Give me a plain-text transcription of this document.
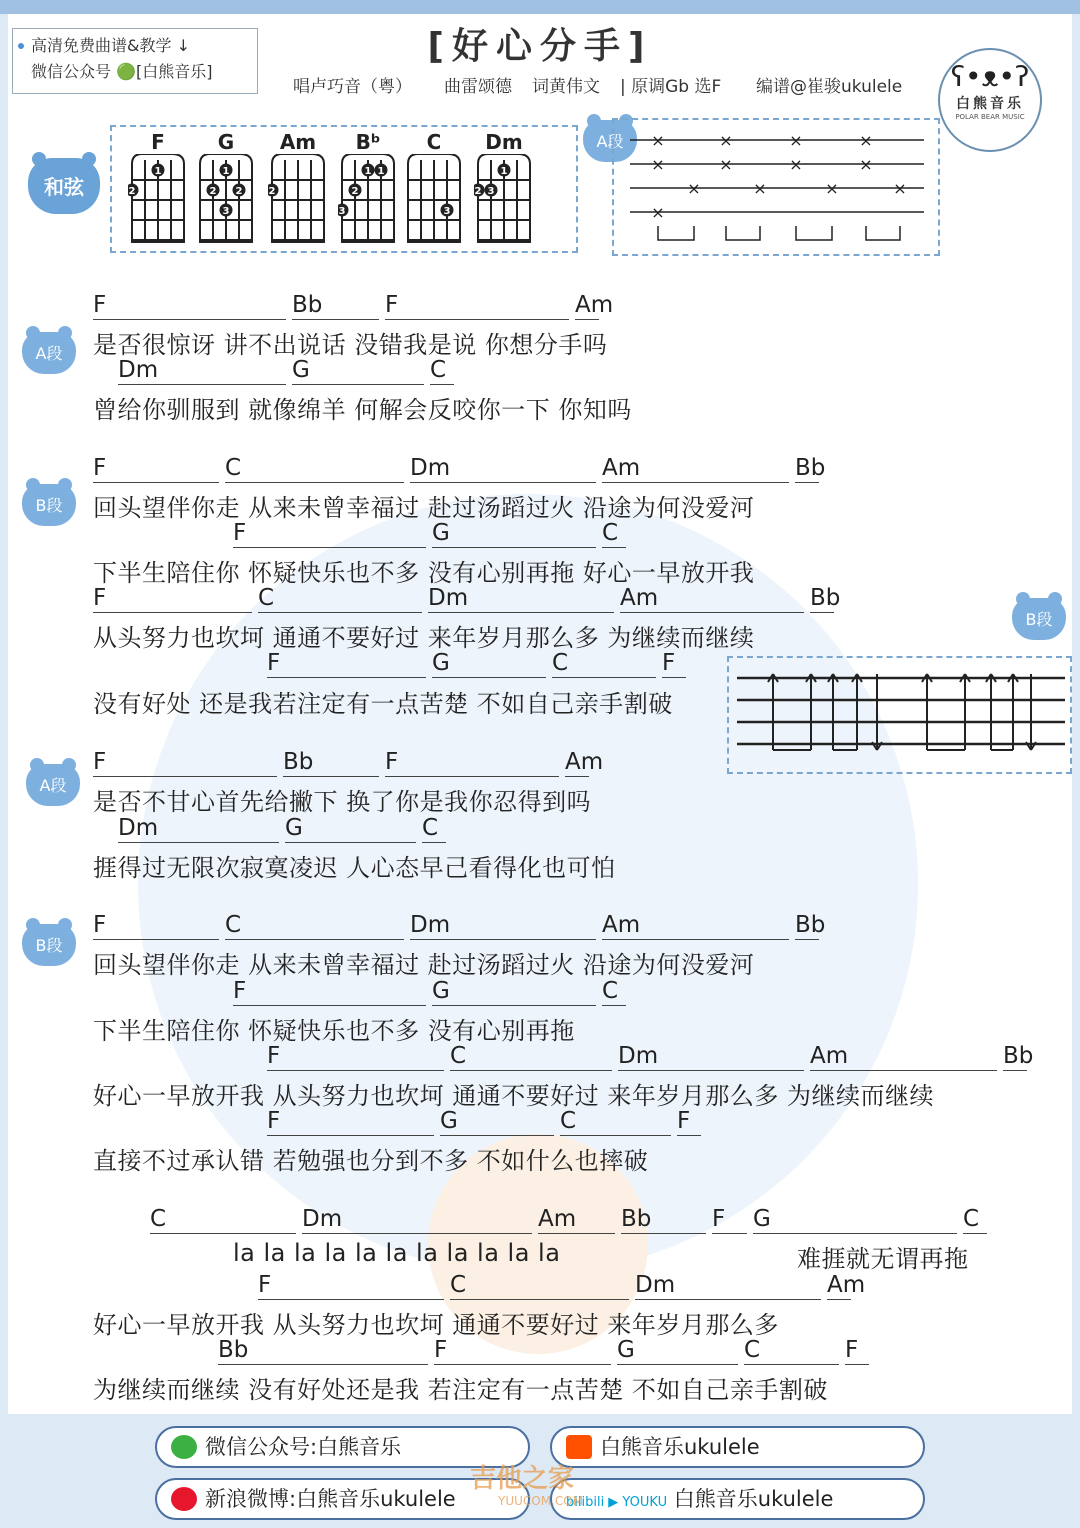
高清免费曲谱&教学 ↓
微信公众号 🟢[白熊音乐]
[好心分手]
唱卢巧音（粤） 曲雷颂德 词黄伟文 | 原调Gb 选F 编谱@崔骏ukulele	ʕ•ᴥ•ʔ
白熊音乐
POLAR BEAR MUSIC
和弦
F
1
2
G
1
2 2
3
Am
2
Bᵇ
1 1
2
3
C
3
Dm
1
2 3
A段	×	×	×	×
×	×	×	×
×	×	×	×
×
A段
B段
B段
A段
B段
F	Bb	F	Am
是否很惊讶 讲不出说话 没错我是说 你想分手吗
Dm	G	C
曾给你驯服到 就像绵羊 何解会反咬你一下 你知吗
F	C	Dm	Am	Bb
回头望伴你走 从来未曾幸福过 赴过汤蹈过火 沿途为何没爱河
F	G	C
下半生陪住你 怀疑快乐也不多 没有心别再拖 好心一早放开我
F	C	Dm	Am	Bb
从头努力也坎坷 通通不要好过 来年岁月那么多 为继续而继续
F	G	C	F
没有好处 还是我若注定有一点苦楚 不如自己亲手割破
F	Bb	F	Am
是否不甘心首先给撇下 换了你是我你忍得到吗
Dm	G	C
捱得过无限次寂寞凌迟 人心态早己看得化也可怕
F	C	Dm	Am	Bb
回头望伴你走 从来未曾幸福过 赴过汤蹈过火 沿途为何没爱河
F	G	C
下半生陪住你 怀疑快乐也不多 没有心别再拖
F	C	Dm	Am	Bb
好心一早放开我 从头努力也坎坷 通通不要好过 来年岁月那么多 为继续而继续
F	G	C	F
直接不过承认错 若勉强也分到不多 不如什么也摔破
C	Dm	Am Bb	F G	C
F	C	Dm	Am
好心一早放开我 从头努力也坎坷 通通不要好过 来年岁月那么多
Bb	F	G	C	F
为继续而继续 没有好处还是我 若注定有一点苦楚 不如自己亲手割破
la la la la la la la la la la la	难捱就无谓再拖
微信公众号:白熊音乐	白熊音乐ukulele
新浪微博:白熊音乐ukulele	bilibili ▶ YOUKU 白熊音乐ukulele
吉他之家
YUUCOM.COM
